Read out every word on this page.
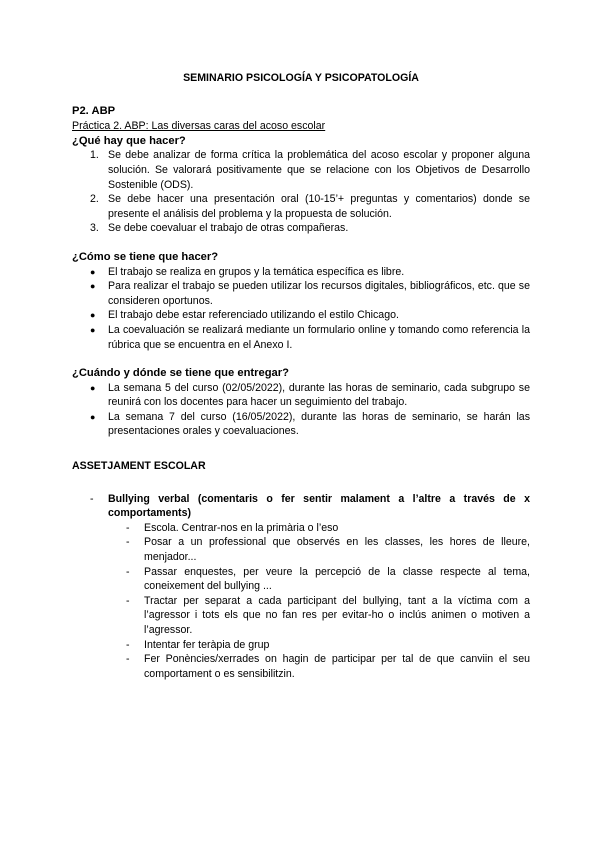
SEMINARIO PSICOLOGÍA Y PSICOPATOLOGÍA
P2. ABP
Práctica 2. ABP: Las diversas caras del acoso escolar
¿Qué hay que hacer?
1. Se debe analizar de forma crítica la problemática del acoso escolar y proponer alguna solución. Se valorará positivamente que se relacione con los Objetivos de Desarrollo Sostenible (ODS).
2. Se debe hacer una presentación oral (10-15’+ preguntas y comentarios) donde se presente el análisis del problema y la propuesta de solución.
3. Se debe coevaluar el trabajo de otras compañeras.
¿Cómo se tiene que hacer?
● El trabajo se realiza en grupos y la temática específica es libre.
● Para realizar el trabajo se pueden utilizar los recursos digitales, bibliográficos, etc. que se consideren oportunos.
● El trabajo debe estar referenciado utilizando el estilo Chicago.
● La coevaluación se realizará mediante un formulario online y tomando como referencia la rúbrica que se encuentra en el Anexo I.
¿Cuándo y dónde se tiene que entregar?
● La semana 5 del curso (02/05/2022), durante las horas de seminario, cada subgrupo se reunirá con los docentes para hacer un seguimiento del trabajo.
● La semana 7 del curso (16/05/2022), durante las horas de seminario, se harán las presentaciones orales y coevaluaciones.
ASSETJAMENT ESCOLAR
- Bullying verbal (comentaris o fer sentir malament a l’altre a través de x comportaments)
- Escola. Centrar-nos en la primària o l’eso
- Posar a un professional que observés en les classes, les hores de lleure, menjador...
- Passar enquestes, per veure la percepció de la classe respecte al tema, coneixement del bullying ...
- Tractar per separat a cada participant del bullying, tant a la víctima com a l’agressor i tots els que no fan res per evitar-ho o inclús animen o motiven a l’agressor.
- Intentar fer teràpia de grup
- Fer Ponències/xerrades on hagin de participar per tal de que canviin el seu comportament o es sensibilitzin.
